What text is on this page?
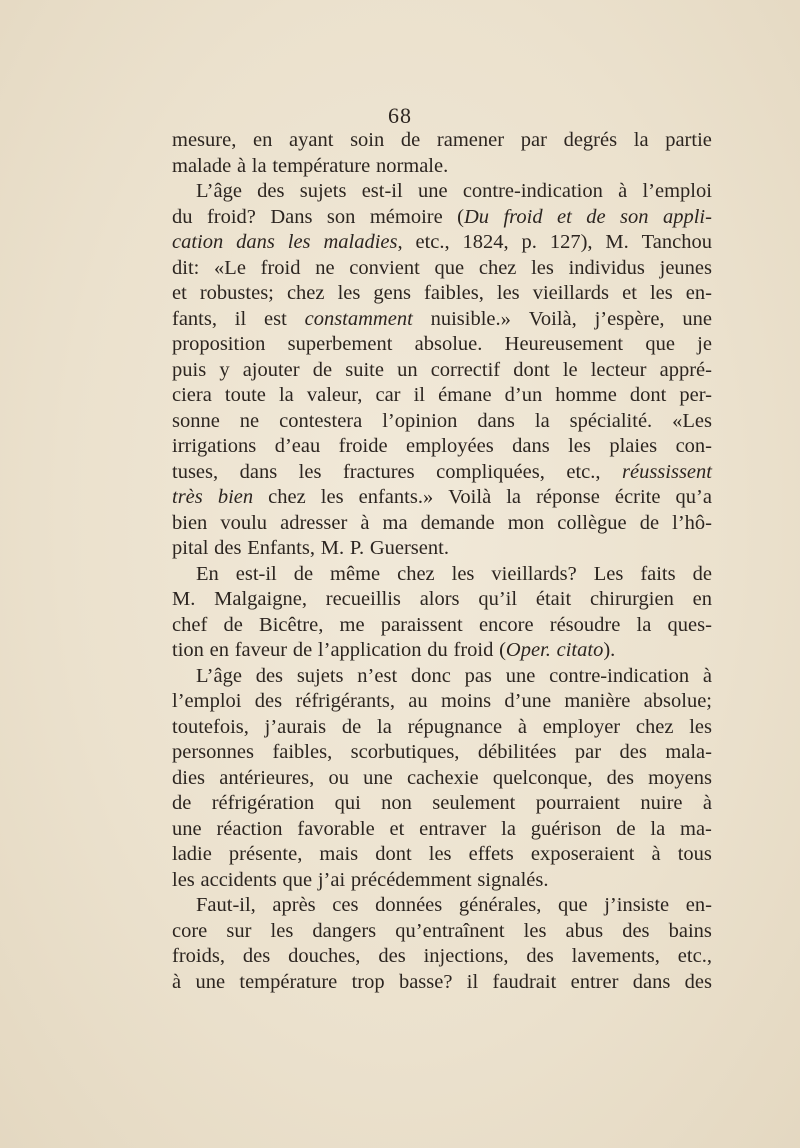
68
mesure, en ayant soin de ramener par degrés la partie
malade à la température normale.
L’âge des sujets est-il une contre-indication à l’emploi
du froid? Dans son mémoire (Du froid et de son appli-
cation dans les maladies, etc., 1824, p. 127), M. Tanchou
dit: «Le froid ne convient que chez les individus jeunes
et robustes; chez les gens faibles, les vieillards et les en-
fants, il est constamment nuisible.» Voilà, j’espère, une
proposition superbement absolue. Heureusement que je
puis y ajouter de suite un correctif dont le lecteur appré-
ciera toute la valeur, car il émane d’un homme dont per-
sonne ne contestera l’opinion dans la spécialité. «Les
irrigations d’eau froide employées dans les plaies con-
tuses, dans les fractures compliquées, etc., réussissent
très bien chez les enfants.» Voilà la réponse écrite qu’a
bien voulu adresser à ma demande mon collègue de l’hô-
pital des Enfants, M. P. Guersent.
En est-il de même chez les vieillards? Les faits de
M. Malgaigne, recueillis alors qu’il était chirurgien en
chef de Bicêtre, me paraissent encore résoudre la ques-
tion en faveur de l’application du froid (Oper. citato).
L’âge des sujets n’est donc pas une contre-indication à
l’emploi des réfrigérants, au moins d’une manière absolue;
toutefois, j’aurais de la répugnance à employer chez les
personnes faibles, scorbutiques, débilitées par des mala-
dies antérieures, ou une cachexie quelconque, des moyens
de réfrigération qui non seulement pourraient nuire à
une réaction favorable et entraver la guérison de la ma-
ladie présente, mais dont les effets exposeraient à tous
les accidents que j’ai précédemment signalés.
Faut-il, après ces données générales, que j’insiste en-
core sur les dangers qu’entraînent les abus des bains
froids, des douches, des injections, des lavements, etc.,
à une température trop basse? il faudrait entrer dans des
